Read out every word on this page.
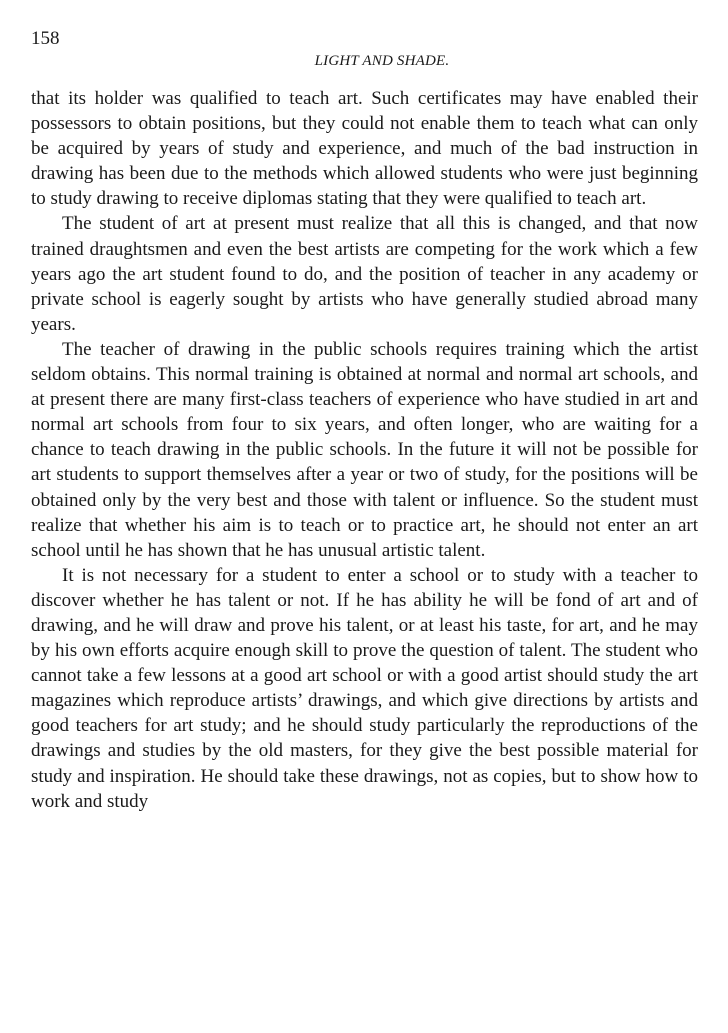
158
LIGHT AND SHADE.

that its holder was qualified to teach art. Such certificates may have enabled their possessors to obtain positions, but they could not enable them to teach what can only be acquired by years of study and experience, and much of the bad instruction in drawing has been due to the methods which allowed students who were just beginning to study drawing to receive diplomas stating that they were qualified to teach art.

The student of art at present must realize that all this is changed, and that now trained draughtsmen and even the best artists are competing for the work which a few years ago the art student found to do, and the position of teacher in any academy or private school is eagerly sought by artists who have generally studied abroad many years.

The teacher of drawing in the public schools requires training which the artist seldom obtains. This normal training is obtained at normal and normal art schools, and at present there are many first-class teachers of experience who have studied in art and normal art schools from four to six years, and often longer, who are waiting for a chance to teach drawing in the public schools. In the future it will not be possible for art students to support themselves after a year or two of study, for the positions will be obtained only by the very best and those with talent or influence. So the student must realize that whether his aim is to teach or to practice art, he should not enter an art school until he has shown that he has unusual artistic talent.

It is not necessary for a student to enter a school or to study with a teacher to discover whether he has talent or not. If he has ability he will be fond of art and of drawing, and he will draw and prove his talent, or at least his taste, for art, and he may by his own efforts acquire enough skill to prove the question of talent. The student who cannot take a few lessons at a good art school or with a good artist should study the art magazines which reproduce artists’ drawings, and which give directions by artists and good teachers for art study; and he should study particularly the reproductions of the drawings and studies by the old masters, for they give the best possible material for study and inspiration. He should take these drawings, not as copies, but to show how to work and study
